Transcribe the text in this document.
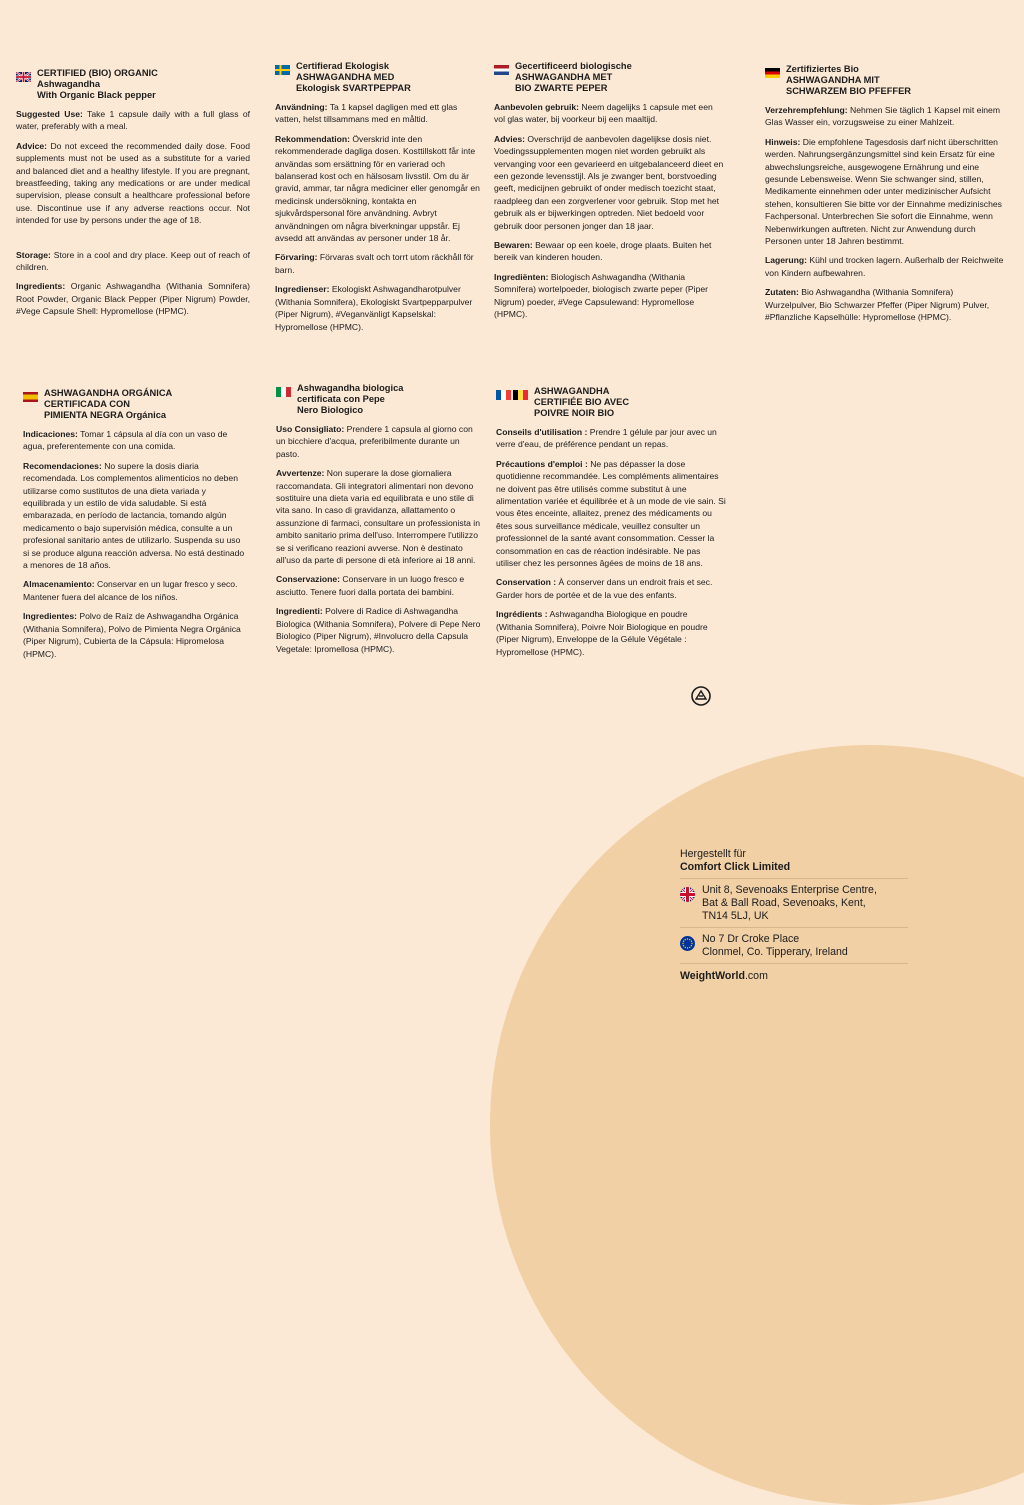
CERTIFIED (BIO) ORGANIC
Ashwagandha
With Organic Black pepper

Suggested Use: Take 1 capsule daily with a full glass of water, preferably with a meal.

Advice: Do not exceed the recommended daily dose. Food supplements must not be used as a substitute for a varied and balanced diet and a healthy lifestyle. If you are pregnant, breastfeeding, taking any medications or are under medical supervision, please consult a healthcare professional before use. Discontinue use if any adverse reactions occur. Not intended for use by persons under the age of 18.

Storage: Store in a cool and dry place. Keep out of reach of children.

Ingredients: Organic Ashwagandha (Withania Somnifera) Root Powder, Organic Black Pepper (Piper Nigrum) Powder, #Vege Capsule Shell: Hypromellose (HPMC).

Certifierad Ekologisk
ASHWAGANDHA MED
Ekologisk SVARTPEPPAR

Användning: Ta 1 kapsel dagligen med ett glas vatten, helst tillsammans med en måltid.

Rekommendation: Överskrid inte den rekommenderade dagliga dosen. Kosttillskott får inte användas som ersättning för en varierad och balanserad kost och en hälsosam livsstil. Om du är gravid, ammar, tar några mediciner eller genomgår en medicinsk undersökning, kontakta en sjukvårdspersonal före användning. Avbryt användningen om några biverkningar uppstår. Ej avsedd att användas av personer under 18 år.

Förvaring: Förvaras svalt och torrt utom räckhåll för barn.

Ingredienser: Ekologiskt Ashwagandharotpulver (Withania Somnifera), Ekologiskt Svartpepparpulver (Piper Nigrum), #Veganvänligt Kapselskal: Hypromellose (HPMC).

Gecertificeerd biologische
ASHWAGANDHA MET
BIO ZWARTE PEPER

Aanbevolen gebruik: Neem dagelijks 1 capsule met een vol glas water, bij voorkeur bij een maaltijd.

Advies: Overschrijd de aanbevolen dagelijkse dosis niet. Voedingssupplementen mogen niet worden gebruikt als vervanging voor een gevarieerd en uitgebalanceerd dieet en een gezonde levensstijl. Als je zwanger bent, borstvoeding geeft, medicijnen gebruikt of onder medisch toezicht staat, raadpleeg dan een zorgverlener voor gebruik. Stop met het gebruik als er bijwerkingen optreden. Niet bedoeld voor gebruik door personen jonger dan 18 jaar.

Bewaren: Bewaar op een koele, droge plaats. Buiten het bereik van kinderen houden.

Ingrediënten: Biologisch Ashwagandha (Withania Somnifera) wortelpoeder, biologisch zwarte peper (Piper Nigrum) poeder, #Vege Capsulewand: Hypromellose (HPMC).

Zertifiziertes Bio
ASHWAGANDHA MIT
SCHWARZEM BIO PFEFFER

Verzehrempfehlung: Nehmen Sie täglich 1 Kapsel mit einem Glas Wasser ein, vorzugsweise zu einer Mahlzeit.

Hinweis: Die empfohlene Tagesdosis darf nicht überschritten werden. Nahrungsergänzungsmittel sind kein Ersatz für eine abwechslungsreiche, ausgewogene Ernährung und eine gesunde Lebensweise. Wenn Sie schwanger sind, stillen, Medikamente einnehmen oder unter medizinischer Aufsicht stehen, konsultieren Sie bitte vor der Einnahme medizinisches Fachpersonal. Unterbrechen Sie sofort die Einnahme, wenn Nebenwirkungen auftreten. Nicht zur Anwendung durch Personen unter 18 Jahren bestimmt.

Lagerung: Kühl und trocken lagern. Außerhalb der Reichweite von Kindern aufbewahren.

Zutaten: Bio Ashwagandha (Withania Somnifera) Wurzelpulver, Bio Schwarzer Pfeffer (Piper Nigrum) Pulver, #Pflanzliche Kapselhülle: Hypromellose (HPMC).

ASHWAGANDHA ORGÁNICA
CERTIFICADA CON
PIMIENTA NEGRA Orgánica

Indicaciones: Tomar 1 cápsula al día con un vaso de agua, preferentemente con una comida.

Recomendaciones: No supere la dosis diaria recomendada. Los complementos alimenticios no deben utilizarse como sustitutos de una dieta variada y equilibrada y un estilo de vida saludable. Si está embarazada, en período de lactancia, tomando algún medicamento o bajo supervisión médica, consulte a un profesional sanitario antes de utilizarlo. Suspenda su uso si se produce alguna reacción adversa. No está destinado a menores de 18 años.

Almacenamiento: Conservar en un lugar fresco y seco. Mantener fuera del alcance de los niños.

Ingredientes: Polvo de Raíz de Ashwagandha Orgánica (Withania Somnifera), Polvo de Pimienta Negra Orgánica (Piper Nigrum), Cubierta de la Cápsula: Hipromelosa (HPMC).

Ashwagandha biologica
certificata con Pepe
Nero Biologico

Uso Consigliato: Prendere 1 capsula al giorno con un bicchiere d'acqua, preferibilmente durante un pasto.

Avvertenze: Non superare la dose giornaliera raccomandata. Gli integratori alimentari non devono sostituire una dieta varia ed equilibrata e uno stile di vita sano. In caso di gravidanza, allattamento o assunzione di farmaci, consultare un professionista in ambito sanitario prima dell'uso. Interrompere l'utilizzo se si verificano reazioni avverse. Non è destinato all'uso da parte di persone di età inferiore ai 18 anni.

Conservazione: Conservare in un luogo fresco e asciutto. Tenere fuori dalla portata dei bambini.

Ingredienti: Polvere di Radice di Ashwagandha Biologica (Withania Somnifera), Polvere di Pepe Nero Biologico (Piper Nigrum), #Involucro della Capsula Vegetale: Ipromellosa (HPMC).

ASHWAGANDHA
CERTIFIÉE BIO AVEC
POIVRE NOIR BIO

Conseils d'utilisation : Prendre 1 gélule par jour avec un verre d'eau, de préférence pendant un repas.

Précautions d'emploi : Ne pas dépasser la dose quotidienne recommandée. Les compléments alimentaires ne doivent pas être utilisés comme substitut à une alimentation variée et équilibrée et à un mode de vie sain. Si vous êtes enceinte, allaitez, prenez des médicaments ou êtes sous surveillance médicale, veuillez consulter un professionnel de la santé avant consommation. Cesser la consommation en cas de réaction indésirable. Ne pas utiliser chez les personnes âgées de moins de 18 ans.

Conservation : À conserver dans un endroit frais et sec. Garder hors de portée et de la vue des enfants.

Ingrédients : Ashwagandha Biologique en poudre (Withania Somnifera), Poivre Noir Biologique en poudre (Piper Nigrum), Enveloppe de la Gélule Végétale : Hypromellose (HPMC).

Hergestellt für
Comfort Click Limited
Unit 8, Sevenoaks Enterprise Centre,
Bat & Ball Road, Sevenoaks, Kent,
TN14 5LJ, UK
No 7 Dr Croke Place
Clonmel, Co. Tipperary, Ireland
WeightWorld.com
